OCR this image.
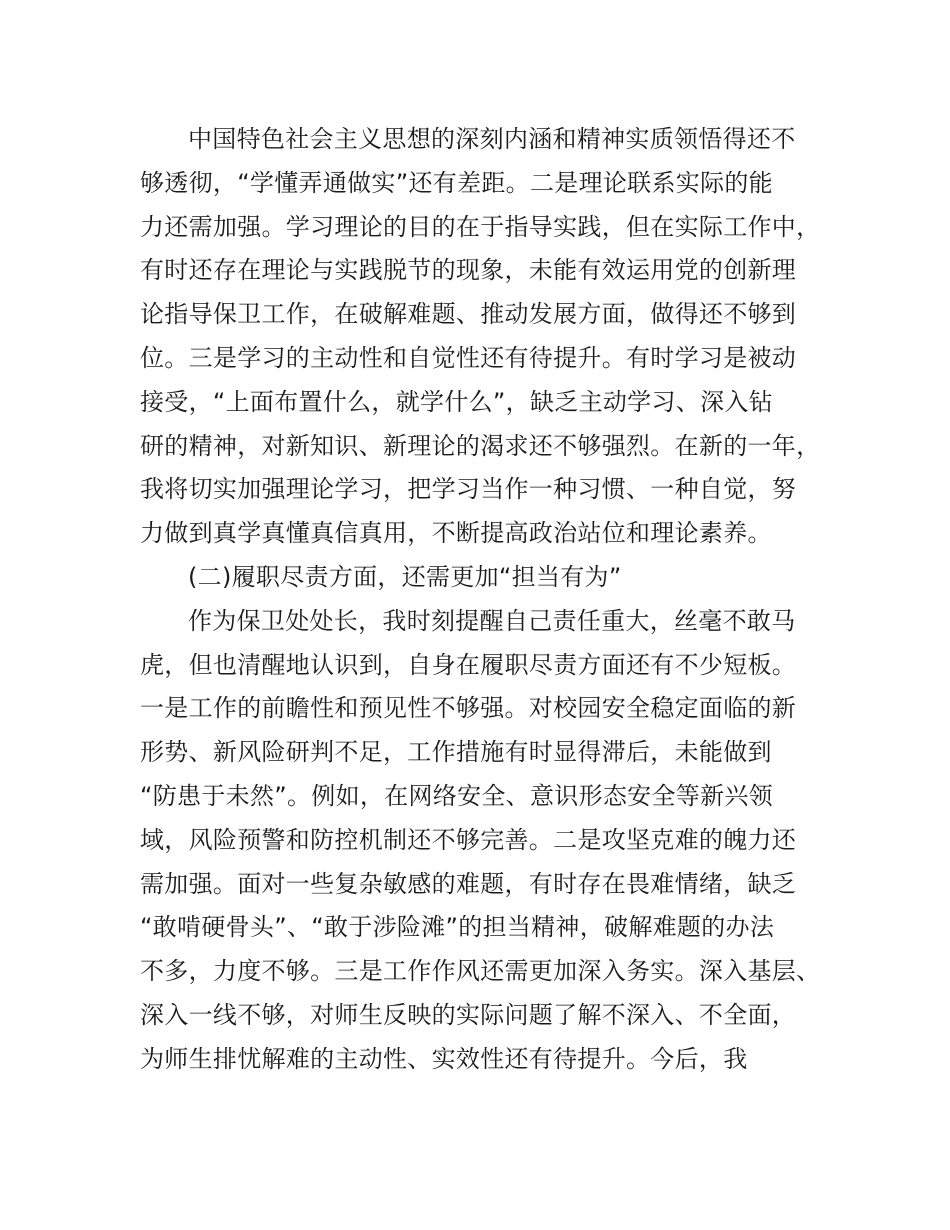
中国特色社会主义思想的深刻内涵和精神实质领悟得还不
够透彻，“学懂弄通做实”还有差距。二是理论联系实际的能
力还需加强。学习理论的目的在于指导实践，但在实际工作中，
有时还存在理论与实践脱节的现象，未能有效运用党的创新理
论指导保卫工作，在破解难题、推动发展方面，做得还不够到
位。三是学习的主动性和自觉性还有待提升。有时学习是被动
接受，“上面布置什么，就学什么”，缺乏主动学习、深入钻
研的精神，对新知识、新理论的渴求还不够强烈。在新的一年，
我将切实加强理论学习，把学习当作一种习惯、一种自觉，努
力做到真学真懂真信真用，不断提高政治站位和理论素养。
(二)履职尽责方面，还需更加“担当有为”
作为保卫处处长，我时刻提醒自己责任重大，丝毫不敢马
虎，但也清醒地认识到，自身在履职尽责方面还有不少短板。
一是工作的前瞻性和预见性不够强。对校园安全稳定面临的新
形势、新风险研判不足，工作措施有时显得滞后，未能做到
“防患于未然”。例如，在网络安全、意识形态安全等新兴领
域，风险预警和防控机制还不够完善。二是攻坚克难的魄力还
需加强。面对一些复杂敏感的难题，有时存在畏难情绪，缺乏
“敢啃硬骨头”、“敢于涉险滩”的担当精神，破解难题的办法
不多，力度不够。三是工作作风还需更加深入务实。深入基层、
深入一线不够，对师生反映的实际问题了解不深入、不全面，
为师生排忧解难的主动性、实效性还有待提升。今后，我
